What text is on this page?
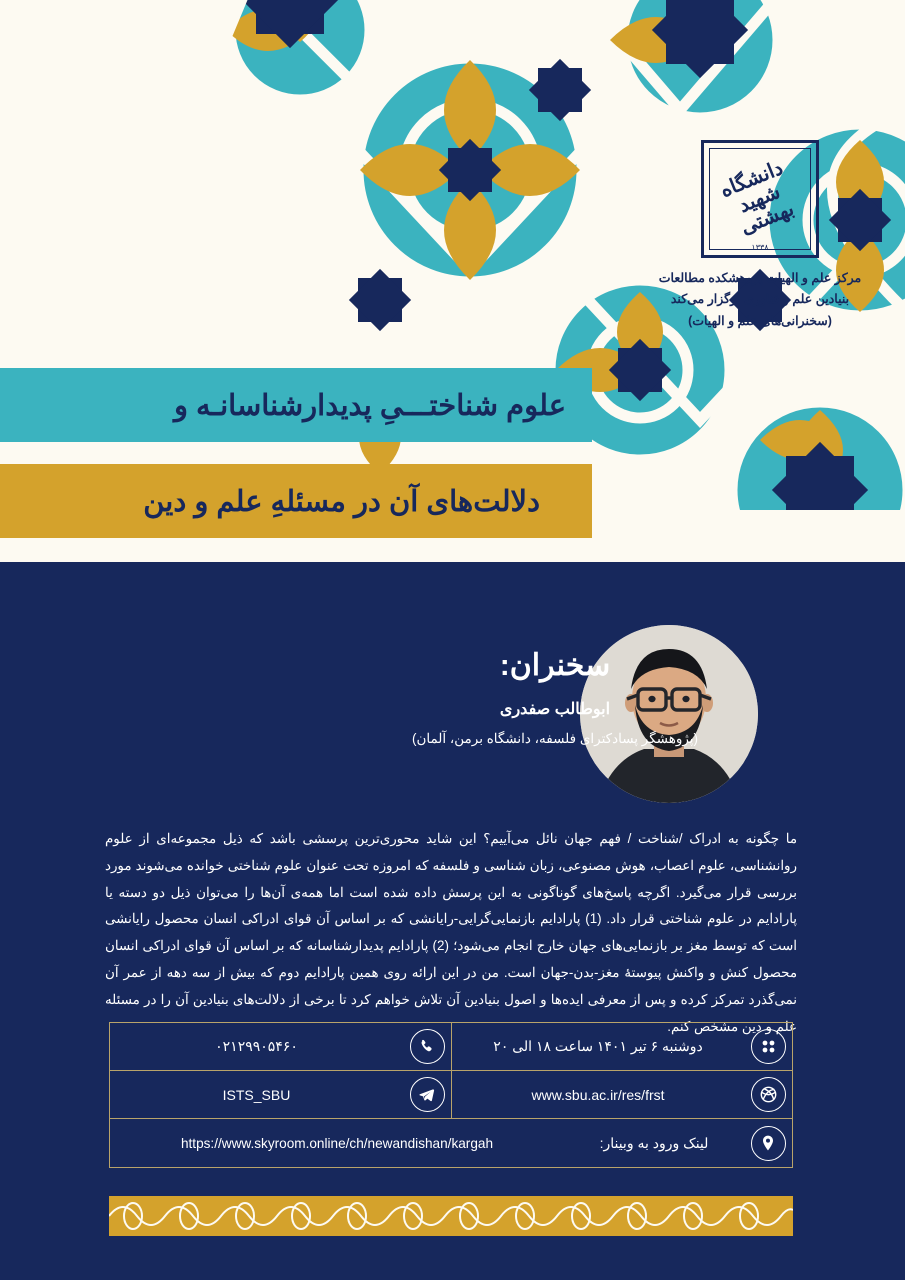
دانشگاه
شهید
بهشتی
۱۳۳۸
مرکز علم و الهیات پژوهشکده مطالعات
بنیادین علم و فناوری برگزار می‌کند
(سخنرانی‌های علم و الهیات)
علوم شناختـــیِ پدیدارشناسانـه و
دلالت‌های آن در مسئلهِ علم و دین
سخنران:
ابوطالب صفدری
(پژوهشگر پسادکترای فلسفه، دانشگاه برمن، آلمان)
ما چگونه به ادراک /شناخت / فهم جهان نائل می‌آییم؟ این شاید محوری‌ترین پرسشی باشد که ذیل مجموعه‌ای از علوم روانشناسی، علوم اعصاب، هوش مصنوعی، زبان شناسی و فلسفه که امروزه تحت عنوان علوم شناختی خوانده می‌شوند مورد بررسی قرار می‌گیرد. اگرچه پاسخ‌های گوناگونی به این پرسش داده شده است اما همه‌ی آن‌ها را می‌توان ذیل دو دسته یا پارادایم در علوم شناختی قرار داد. (1) پارادایم بازنمایی‌گرایی-رایانشی که بر اساس آن قوای ادراکی انسان محصول رایانشی است که توسط مغز بر بازنمایی‌های جهان خارج انجام می‌شود؛ (2) پارادایم پدیدارشناسانه که بر اساس آن قوای ادراکی انسان محصول کنش و واکنش پیوستهٔ مغز-بدن-جهان است. من در این ارائه روی همین پارادایم دوم که بیش از سه دهه از عمر آن نمی‌گذرد تمرکز کرده و پس از معرفی ایده‌ها و اصول بنیادین آن تلاش خواهم کرد تا برخی از دلالت‌های بنیادین آن را در مسئله علم و دین مشخص کنم.
دوشنبه ۶ تیر ۱۴۰۱ ساعت ۱۸ الی ۲۰
۰۲۱۲۹۹۰۵۴۶۰
www.sbu.ac.ir/res/frst
ISTS_SBU
لینک ورود به وبینار:
https://www.skyroom.online/ch/newandishan/kargah
